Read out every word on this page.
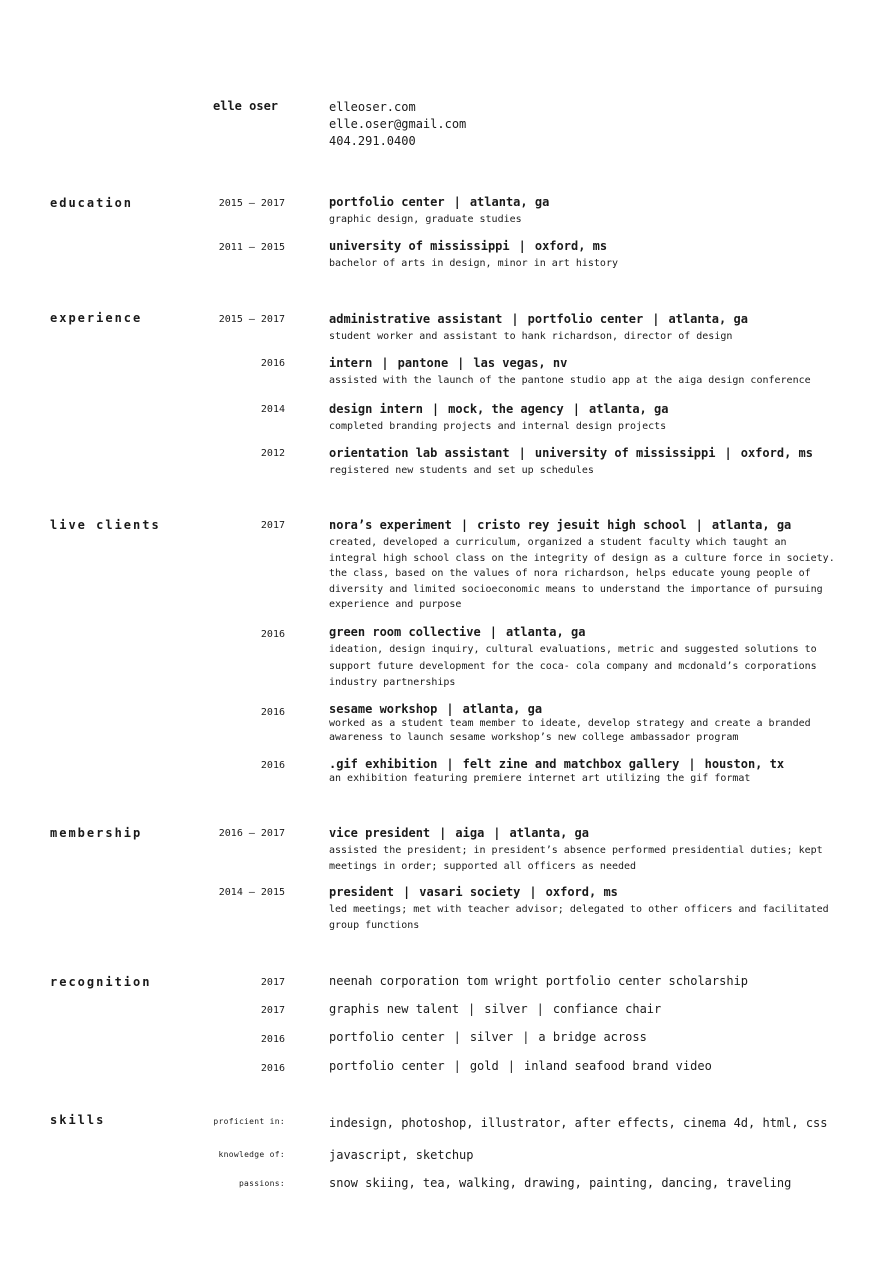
elle oser	elleoser.com
elle.oser@gmail.com
404.291.0400
education	2015 – 2017	portfolio center | atlanta, ga
graphic design, graduate studies
2011 – 2015	university of mississippi | oxford, ms
bachelor of arts in design, minor in art history
experience	2015 – 2017	administrative assistant | portfolio center | atlanta, ga
student worker and assistant to hank richardson, director of design
2016	intern | pantone | las vegas, nv
assisted with the launch of the pantone studio app at the aiga design conference
2014	design intern | mock, the agency | atlanta, ga
completed branding projects and internal design projects
2012	orientation lab assistant | university of mississippi | oxford, ms
registered new students and set up schedules
live clients	2017	nora’s experiment | cristo rey jesuit high school | atlanta, ga
created, developed a curriculum, organized a student faculty which taught an integral high school class on the integrity of design as a culture force in society. the class, based on the values of nora richardson, helps educate young people of diversity and limited socioeconomic means to understand the importance of pursuing experience and purpose
2016	green room collective | atlanta, ga
ideation, design inquiry, cultural evaluations, metric and suggested solutions to support future development for the coca- cola company and mcdonald’s corporations industry partnerships
2016	sesame workshop | atlanta, ga
worked as a student team member to ideate, develop strategy and create a branded awareness to launch sesame workshop’s new college ambassador program
2016	.gif exhibition | felt zine and matchbox gallery | houston, tx
an exhibition featuring premiere internet art utilizing the gif format
membership	2016 – 2017	vice president | aiga | atlanta, ga
assisted the president; in president’s absence performed presidential duties; kept meetings in order; supported all officers as needed
2014 – 2015	president | vasari society | oxford, ms
led meetings; met with teacher advisor; delegated to other officers and facilitated group functions
recognition	2017	neenah corporation tom wright portfolio center scholarship
2017	graphis new talent | silver | confiance chair
2016	portfolio center | silver | a bridge across
2016	portfolio center | gold | inland seafood brand video
skills	proficient in:	indesign, photoshop, illustrator, after effects, cinema 4d, html, css
knowledge of:	javascript, sketchup
passions:	snow skiing, tea, walking, drawing, painting, dancing, traveling
